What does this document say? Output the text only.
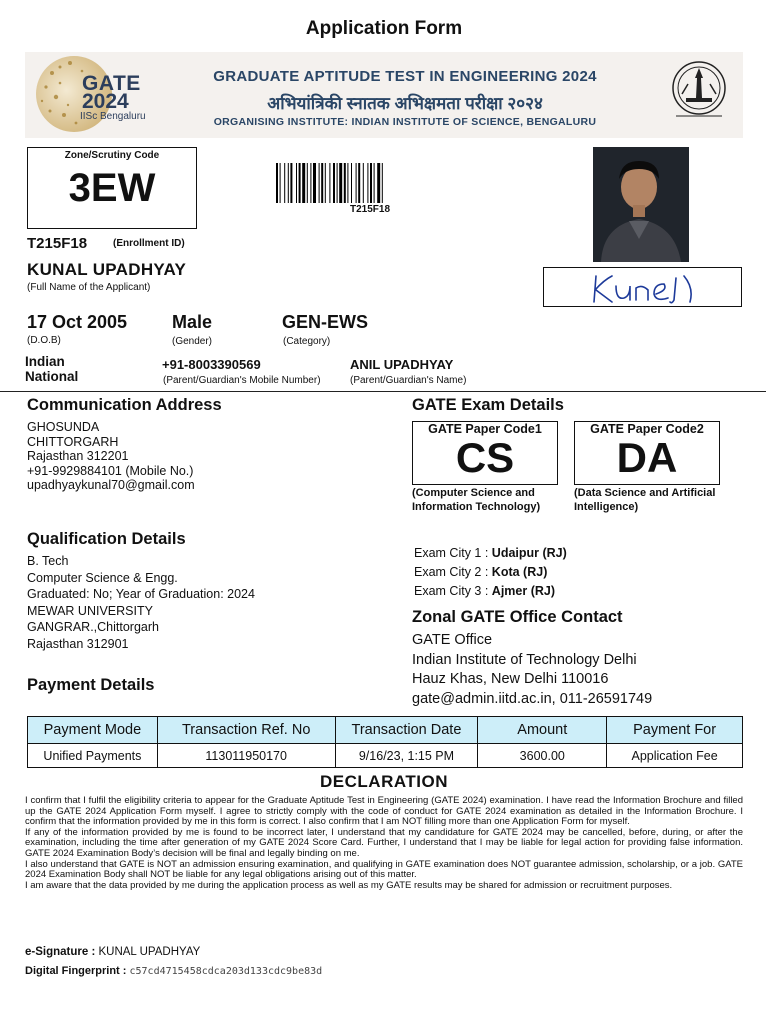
Application Form
GATE
2024
IISc Bengaluru
GRADUATE APTITUDE TEST IN ENGINEERING 2024
अभियांत्रिकी स्नातक अभिक्षमता परीक्षा २०२४
ORGANISING INSTITUTE: INDIAN INSTITUTE OF SCIENCE, BENGALURU
Zone/Scrutiny Code
3EW	T215F18
T215F18	(Enrollment ID)
KUNAL UPADHYAY
(Full Name of the Applicant)
17 Oct 2005
(D.O.B)
Male
(Gender)
GEN-EWS
(Category)
Indian
National
+91-8003390569
(Parent/Guardian's Mobile Number)
ANIL UPADHYAY
(Parent/Guardian's Name)
Communication Address
GHOSUNDA
CHITTORGARH
Rajasthan 312201
+91-9929884101 (Mobile No.)
upadhyaykunal70@gmail.com
GATE Exam Details
GATE Paper Code1
CS
(Computer Science and
Information Technology)
GATE Paper Code2
DA
(Data Science and Artificial
Intelligence)
Qualification Details
B. Tech
Computer Science & Engg.
Graduated: No; Year of Graduation: 2024
MEWAR UNIVERSITY
GANGRAR.,Chittorgarh
Rajasthan 312901
Exam City 1 : Udaipur (RJ)
Exam City 2 : Kota (RJ)
Exam City 3 : Ajmer (RJ)
Zonal GATE Office Contact
GATE Office
Indian Institute of Technology Delhi
Hauz Khas, New Delhi 110016
gate@admin.iitd.ac.in, 011-26591749
Payment Details
Payment Mode	Transaction Ref. No	Transaction Date	Amount	Payment For
Unified Payments	113011950170	9/16/23, 1:15 PM	3600.00	Application Fee
DECLARATION
I confirm that I fulfil the eligibility criteria to appear for the Graduate Aptitude Test in Engineering (GATE 2024) examination. I have read the Information Brochure and filled up the GATE 2024 Application Form myself. I agree to strictly comply with the code of conduct for GATE 2024 examination as detailed in the Information Brochure. I confirm that the information provided by me in this form is correct. I also confirm that I am NOT filling more than one Application Form for myself.
If any of the information provided by me is found to be incorrect later, I understand that my candidature for GATE 2024 may be cancelled, before, during, or after the examination, including the time after generation of my GATE 2024 Score Card. Further, I understand that I may be liable for legal action for providing false information. GATE 2024 Examination Body’s decision will be final and legally binding on me.
I also understand that GATE is NOT an admission ensuring examination, and qualifying in GATE examination does NOT guarantee admission, scholarship, or a job. GATE 2024 Examination Body shall NOT be liable for any legal obligations arising out of this matter.
I am aware that the data provided by me during the application process as well as my GATE results may be shared for admission or recruitment purposes.
e-Signature : KUNAL UPADHYAY
Digital Fingerprint : c57cd4715458cdca203d133cdc9be83d
